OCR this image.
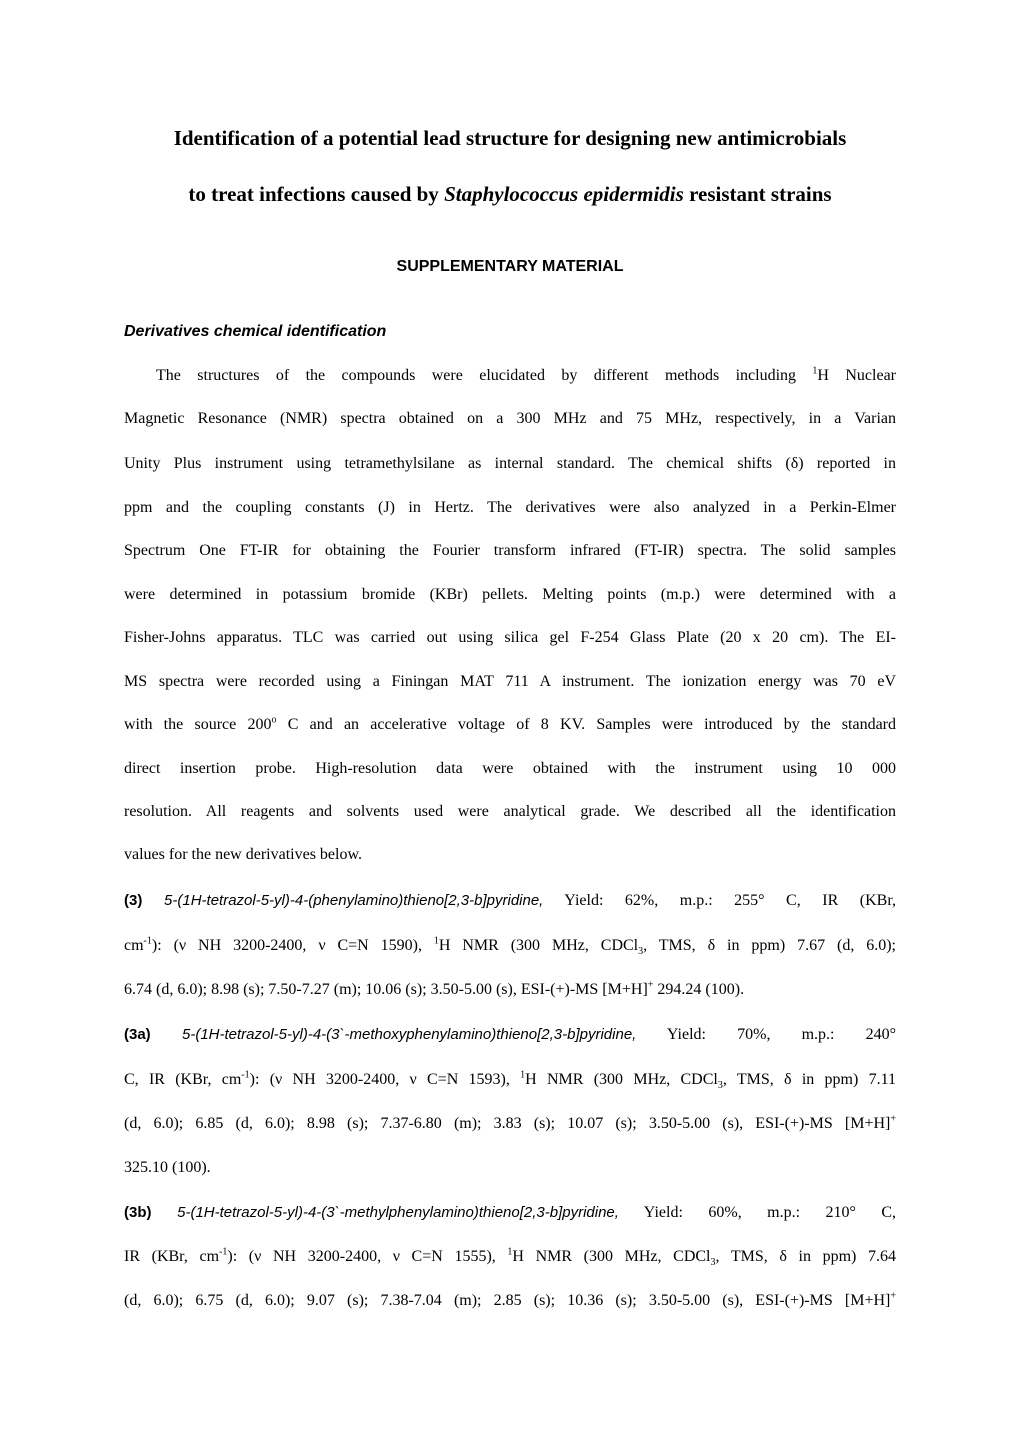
Identification of a potential lead structure for designing new antimicrobials
to treat infections caused by Staphylococcus epidermidis resistant strains
SUPPLEMENTARY MATERIAL
Derivatives chemical identification
The structures of the compounds were elucidated by different methods including $^1$H Nuclear
Magnetic Resonance (NMR) spectra obtained on a 300 MHz and 75 MHz, respectively, in a Varian
Unity Plus instrument using tetramethylsilane as internal standard. The chemical shifts (δ) reported in
ppm and the coupling constants (J) in Hertz. The derivatives were also analyzed in a Perkin-Elmer
Spectrum One FT-IR for obtaining the Fourier transform infrared (FT-IR) spectra. The solid samples
were determined in potassium bromide (KBr) pellets. Melting points (m.p.) were determined with a
Fisher-Johns apparatus. TLC was carried out using silica gel F-254 Glass Plate (20 x 20 cm). The EI-
MS spectra were recorded using a Finingan MAT 711 A instrument. The ionization energy was 70 eV
with the source 200$^o$ C and an accelerative voltage of 8 KV. Samples were introduced by the standard
direct insertion probe. High-resolution data were obtained with the instrument using 10 000
resolution. All reagents and solvents used were analytical grade. We described all the identification
values for the new derivatives below.
(3) 5-(1H-tetrazol-5-yl)-4-(phenylamino)thieno[2,3-b]pyridine, Yield: 62%, m.p.: 255° C, IR (KBr,
$cm^{-1}$): (ν NH 3200-2400, ν C=N 1590), $^1$H NMR (300 MHz, CDCl$_3$, TMS, δ in ppm) 7.67 (d, 6.0);
6.74 (d, 6.0); 8.98 (s); 7.50-7.27 (m); 10.06 (s); 3.50-5.00 (s), ESI-(+)-MS [M+H]+ 294.24 (100).
(3a) 5-(1H-tetrazol-5-yl)-4-(3`-methoxyphenylamino)thieno[2,3-b]pyridine, Yield: 70%, m.p.: 240°
C, IR (KBr, $cm^{-1}$): (ν NH 3200-2400, ν C=N 1593), $^1$H NMR (300 MHz, CDCl$_3$, TMS, δ in ppm) 7.11
(d, 6.0); 6.85 (d, 6.0); 8.98 (s); 7.37-6.80 (m); 3.83 (s); 10.07 (s); 3.50-5.00 (s), ESI-(+)-MS [M+H]+
325.10 (100).
(3b) 5-(1H-tetrazol-5-yl)-4-(3`-methylphenylamino)thieno[2,3-b]pyridine, Yield: 60%, m.p.: 210° C,
IR (KBr, $cm^{-1}$): (ν NH 3200-2400, ν C=N 1555), $^1$H NMR (300 MHz, CDCl$_3$, TMS, δ in ppm) 7.64
(d, 6.0); 6.75 (d, 6.0); 9.07 (s); 7.38-7.04 (m); 2.85 (s); 10.36 (s); 3.50-5.00 (s), ESI-(+)-MS [M+H]+
